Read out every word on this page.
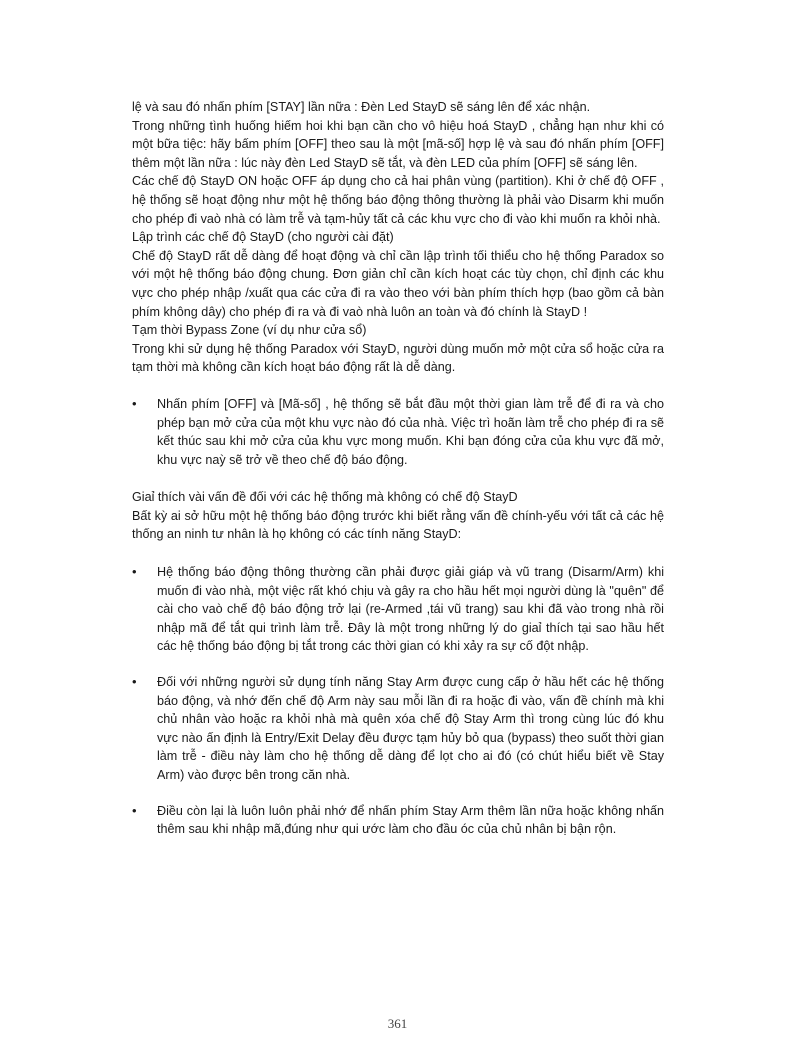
lệ và sau đó nhấn phím [STAY] lần nữa : Đèn Led StayD sẽ sáng lên để xác nhận.

Trong những tình huống hiếm hoi khi bạn cần cho vô hiệu hoá StayD , chẳng hạn như khi có một bữa tiệc: hãy bấm phím [OFF] theo sau là một [mã-số] hợp lệ và sau đó nhấn phím [OFF] thêm một lần nữa : lúc này đèn Led StayD sẽ tắt, và đèn LED của phím [OFF] sẽ sáng lên.

Các chế độ StayD ON hoặc OFF áp dụng cho cả hai phân vùng (partition). Khi ở chế độ OFF , hệ thống sẽ hoạt động như một hệ thống báo động thông thường là phải vào Disarm khi muốn cho phép đi vaò nhà có làm trễ và tạm-hủy tất cả các khu vực cho đi vào khi muốn ra khỏi nhà.

Lập trình các chế độ StayD (cho người cài đặt)

Chế độ StayD rất dễ dàng để hoạt động và chỉ cần lập trình tối thiểu cho hệ thống Paradox so với một hệ thống báo động chung. Đơn giản chỉ cần kích hoạt các tùy chọn, chỉ định các khu vực cho phép nhập /xuất qua các cửa đi ra vào theo với bàn phím thích hợp (bao gồm cả bàn phím không dây) cho phép đi ra và đi vaò nhà luôn an toàn và đó chính là StayD !

Tạm thời Bypass Zone (ví dụ như cửa sổ)

Trong khi sử dụng hệ thống Paradox với StayD, người dùng muốn mở một cửa sổ hoặc cửa ra tạm thời mà không cần kích hoạt báo động rất là dễ dàng.

•	Nhấn phím [OFF] và [Mã-số] , hệ thống sẽ bắt đầu một thời gian làm trễ để đi ra và cho phép bạn mở cửa của một khu vực nào đó của nhà. Việc trì hoãn làm trễ cho phép đi ra sẽ kết thúc sau khi mở cửa của khu vực mong muốn. Khi bạn đóng cửa của khu vực đã mở, khu vực naỳ sẽ trở về theo chế độ báo động.

Giaỉ thích vài vấn đề đối với các hệ thống mà không có chế độ StayD

Bất kỳ ai sở hữu một hệ thống báo động trước khi biết rằng vấn đề chính-yếu với tất cả các hệ thống an ninh tư nhân là họ không có các tính năng StayD:

•	Hệ thống báo động thông thường cần phải được giải giáp và vũ trang (Disarm/Arm) khi muốn đi vào nhà, một việc rất khó chịu và gây ra cho hầu hết mọi người dùng là "quên" để cài cho vaò chế độ báo động trở lại (re-Armed ,tái vũ trang) sau khi đã vào trong nhà rồi nhập mã để tắt qui trình làm trễ. Đây là một trong những lý do giaỉ thích tại sao hầu hết các hệ thống báo động bị tắt trong các thời gian có khi xảy ra sự cố đột nhập.
•	Đối với những người sử dụng tính năng Stay Arm được cung cấp ở hầu hết các hệ thống báo động, và nhớ đến chế độ Arm này sau mỗi lần đi ra hoặc đi vào, vấn đề chính mà khi chủ nhân vào hoặc ra khỏi nhà mà quên xóa chế độ Stay Arm thì trong cùng lúc đó khu vực nào ấn định là Entry/Exit Delay đều được tạm hủy bỏ qua (bypass) theo suốt thời gian làm trễ - điều này làm cho hệ thống dễ dàng để lọt cho ai đó (có chút hiểu biết về Stay Arm) vào được bên trong căn nhà.
•	Điều còn lại là luôn luôn phải nhớ để nhấn phím Stay Arm thêm lần nữa hoặc không nhấn thêm sau khi nhập mã,đúng như qui ước làm cho đầu óc của chủ nhân bị bận rộn.
361
